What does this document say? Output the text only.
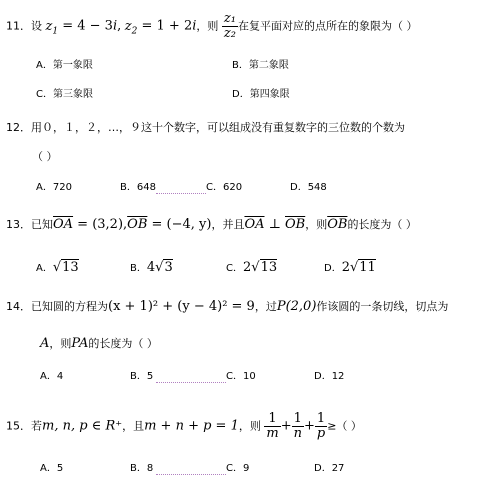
11．设 $z_1 = 4 - 3i$, $z_2 = 1 + 2i$，则 $\frac{\text{z₁}}{\text{z₂}}$ 在复平面对应的点所在的象限为（ ）
A．第一象限	B．第二象限
C．第三象限	D．第四象限
12．用０，１，２，…，９这十个数字，可以组成没有重复数字的三位数的个数为
（ ）
A．720	B．648	C．620	D．548
13．已知$\overline{OA} = (3,2),\overline{OB} = (-4$, y)，并且$\overline{OA}$ ⊥ $\overline{OB}$，则$\overline{OB}$的长度为（ ）
A．√13	B．4√3	C．2√13	D．2√11
14．已知圆的方程为(x + 1)² + (y − 4)² = 9，过P(2,0)作该圆的一条切线，切点为
A，则PA的长度为（ ）
A．4	B．5	C．10	D．12
15．若m, n, p ∈ R⁺，且m + n + p = 1，则 $\frac{1}{m} + \frac{1}{n} + \frac{1}{p}$ ≥（ ）
A．5	B．8	C．9	D．27
